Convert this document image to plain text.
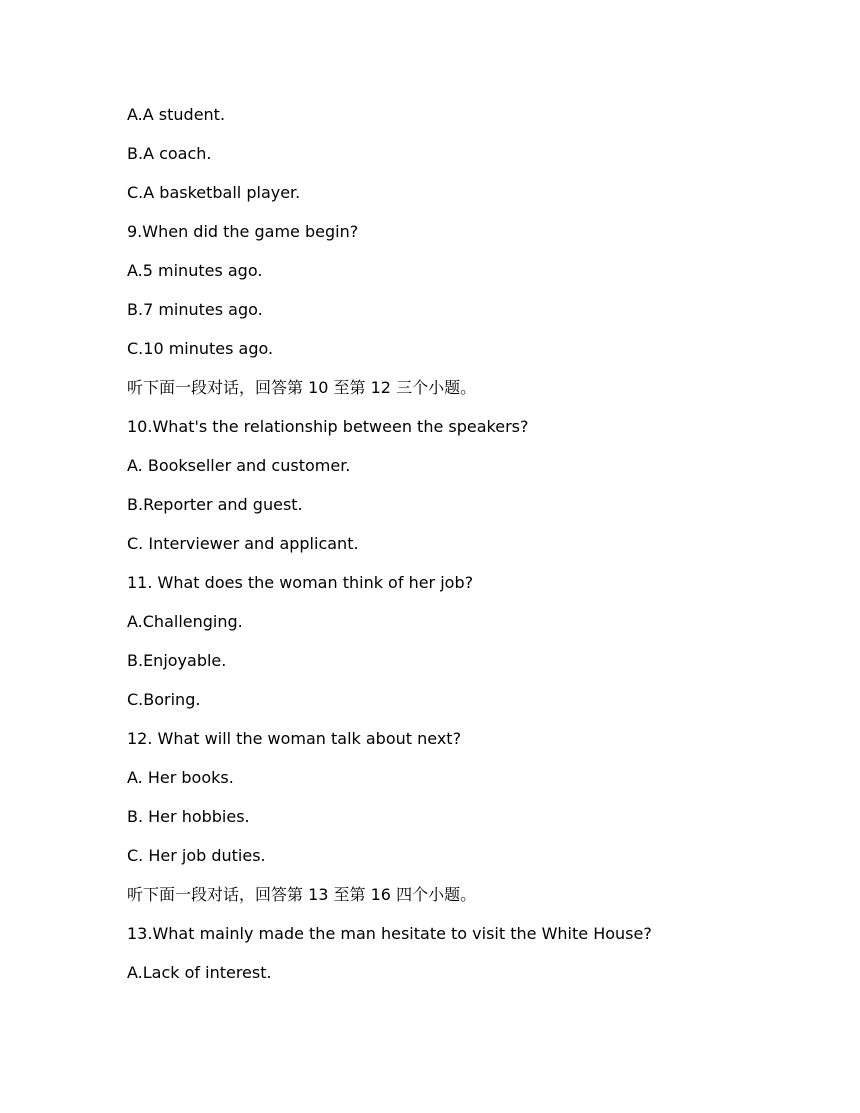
A.A student.
B.A coach.
C.A basketball player.
9.When did the game begin?
A.5 minutes ago.
B.7 minutes ago.
C.10 minutes ago.
听下面一段对话，回答第 10 至第 12 三个小题。
10.What's the relationship between the speakers?
A. Bookseller and customer.
B.Reporter and guest.
C. Interviewer and applicant.
11. What does the woman think of her job?
A.Challenging.
B.Enjoyable.
C.Boring.
12. What will the woman talk about next?
A. Her books.
B. Her hobbies.
C. Her job duties.
听下面一段对话，回答第 13 至第 16 四个小题。
13.What mainly made the man hesitate to visit the White House?
A.Lack of interest.
